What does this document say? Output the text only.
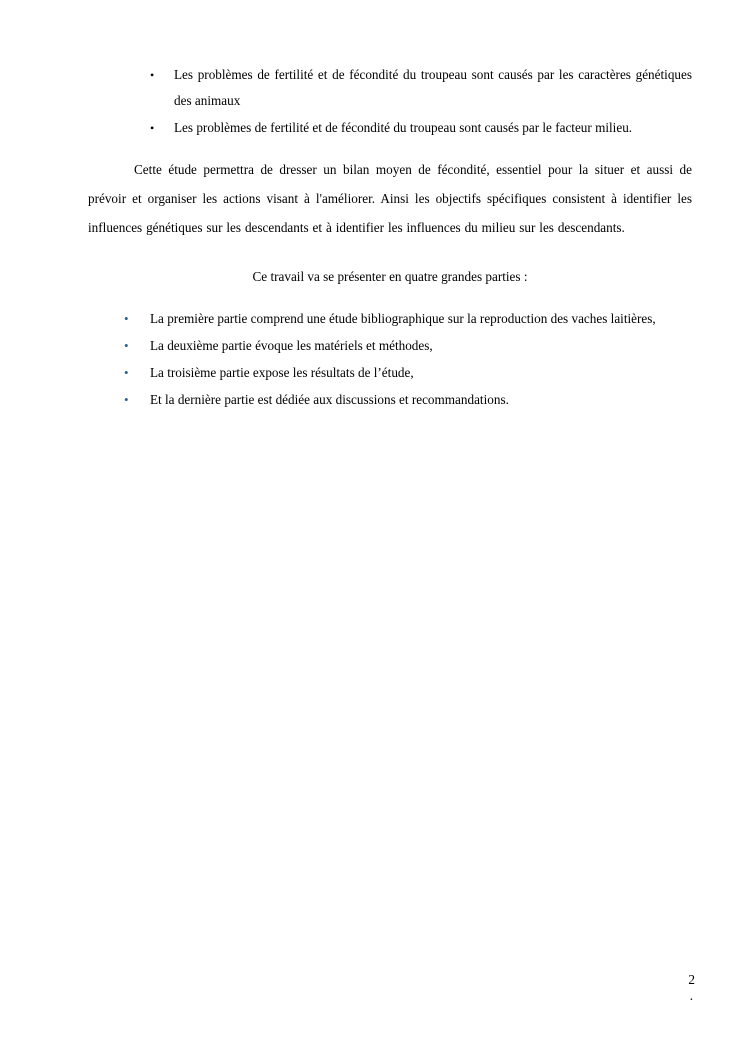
• Les problèmes de fertilité et de fécondité du troupeau sont causés par les caractères génétiques des animaux
• Les problèmes de fertilité et de fécondité du troupeau sont causés par le facteur milieu.

Cette étude permettra de dresser un bilan moyen de fécondité, essentiel pour la situer et aussi de prévoir et organiser les actions visant à l'améliorer. Ainsi les objectifs spécifiques consistent à identifier les influences génétiques sur les descendants et à identifier les influences du milieu sur les descendants.

Ce travail va se présenter en quatre grandes parties :

• La première partie comprend une étude bibliographique sur la reproduction des vaches laitières,
• La deuxième partie évoque les matériels et méthodes,
• La troisième partie expose les résultats de l’étude,
• Et la dernière partie est dédiée aux discussions et recommandations.
2
.
